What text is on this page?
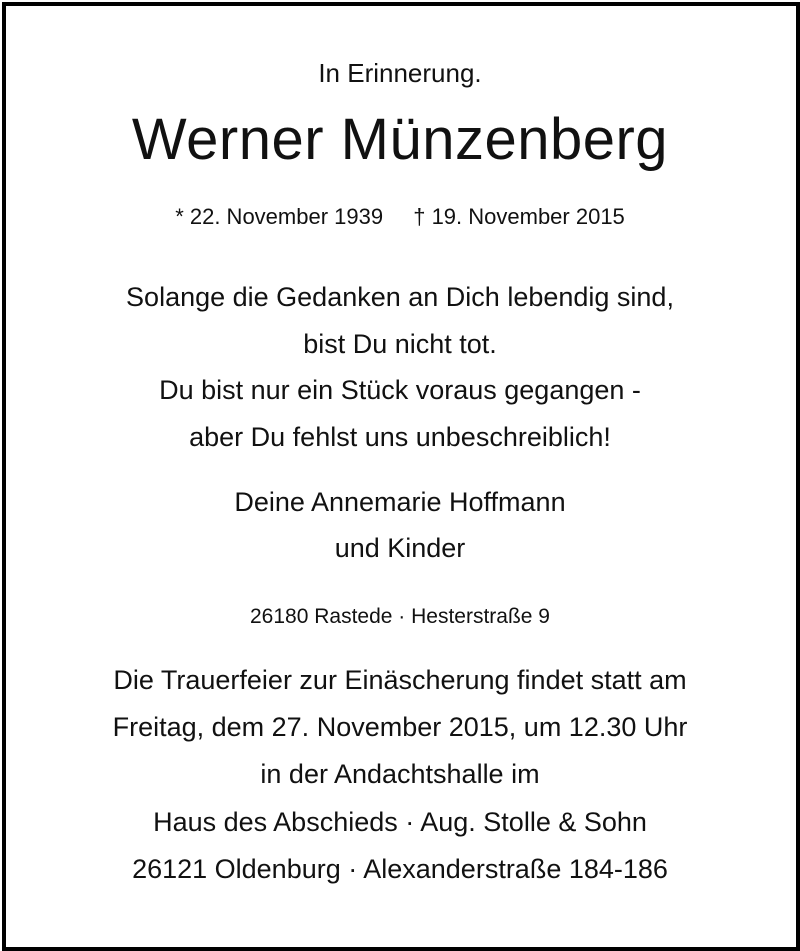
In Erinnerung.
Werner Münzenberg
* 22. November 1939 † 19. November 2015
Solange die Gedanken an Dich lebendig sind,
bist Du nicht tot.
Du bist nur ein Stück voraus gegangen -
aber Du fehlst uns unbeschreiblich!
Deine Annemarie Hoffmann
und Kinder
26180 Rastede · Hesterstraße 9
Die Trauerfeier zur Einäscherung findet statt am
Freitag, dem 27. November 2015, um 12.30 Uhr
in der Andachtshalle im
Haus des Abschieds · Aug. Stolle & Sohn
26121 Oldenburg · Alexanderstraße 184-186
